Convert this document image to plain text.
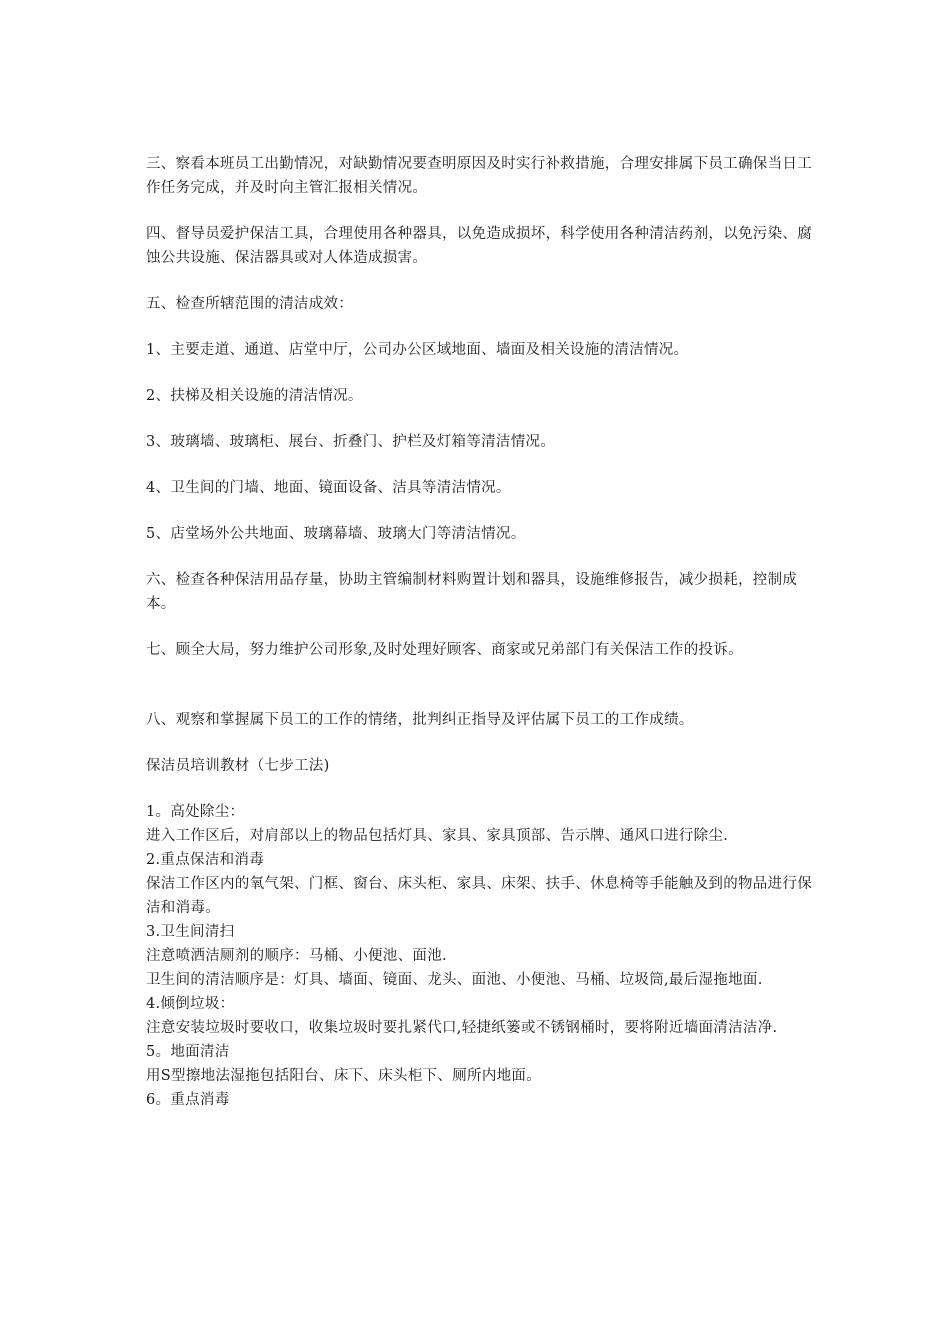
三、察看本班员工出勤情况，对缺勤情况要查明原因及时实行补救措施，合理安排属下员工确保当日工作任务完成，并及时向主管汇报相关情况。

四、督导员爱护保洁工具，合理使用各种器具，以免造成损坏，科学使用各种清洁药剂，以免污染、腐蚀公共设施、保洁器具或对人体造成损害。

五、检查所辖范围的清洁成效：

1、主要走道、通道、店堂中厅，公司办公区域地面、墙面及相关设施的清洁情况。

2、扶梯及相关设施的清洁情况。

3、玻璃墙、玻璃柜、展台、折叠门、护栏及灯箱等清洁情况。

4、卫生间的门墙、地面、镜面设备、洁具等清洁情况。

5、店堂场外公共地面、玻璃幕墙、玻璃大门等清洁情况。

六、检查各种保洁用品存量，协助主管编制材料购置计划和器具，设施维修报告，减少损耗，控制成本。

七、顾全大局，努力维护公司形象,及时处理好顾客、商家或兄弟部门有关保洁工作的投诉。

八、观察和掌握属下员工的工作的情绪，批判纠正指导及评估属下员工的工作成绩。

保洁员培训教材（七步工法)

1。高处除尘：

进入工作区后，对肩部以上的物品包括灯具、家具、家具顶部、告示牌、通风口进行除尘.

2.重点保洁和消毒

保洁工作区内的氧气架、门框、窗台、床头柜、家具、床架、扶手、休息椅等手能触及到的物品进行保洁和消毒。

3.卫生间清扫

注意喷洒洁厕剂的顺序：马桶、小便池、面池.

卫生间的清洁顺序是：灯具、墙面、镜面、龙头、面池、小便池、马桶、垃圾筒,最后湿拖地面.

4.倾倒垃圾：

注意安装垃圾时要收口，收集垃圾时要扎紧代口,轻捷纸篓或不锈钢桶时，要将附近墙面清洁洁净.

5。地面清洁

用S型擦地法湿拖包括阳台、床下、床头柜下、厕所内地面。

6。重点消毒
